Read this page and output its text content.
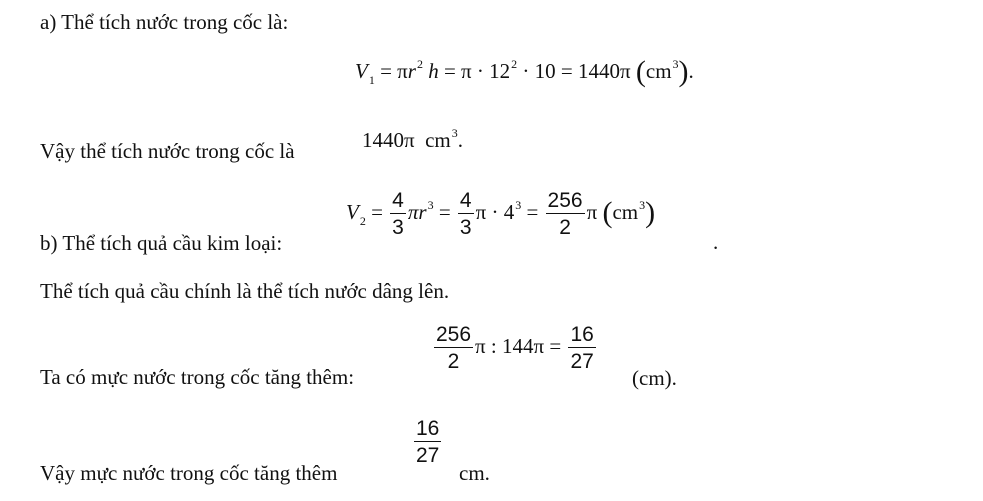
a) Thể tích nước trong cốc là:
$V_1 = \pi r^2$ $h = \pi \cdot 12^2 \cdot 10 = 1440\pi$ $(cm^3)$.
Vậy thể tích nước trong cốc là	1440π $cm^3$.
$V_2 = \frac{4}{3} \pi r^3 = \frac{4}{3}$ $\pi \cdot 4^3 = \frac{256}{2}$ π $(cm^3)$
.
b) Thể tích quả cầu kim loại:
Thể tích quả cầu chính là thể tích nước dâng lên.
Ta có mực nước trong cốc tăng thêm:
$\frac{256}{2}$ π : $144\pi = \frac{16}{27}$
(cm).
Vậy mực nước trong cốc tăng thêm
$\frac{16}{27}$
cm.
